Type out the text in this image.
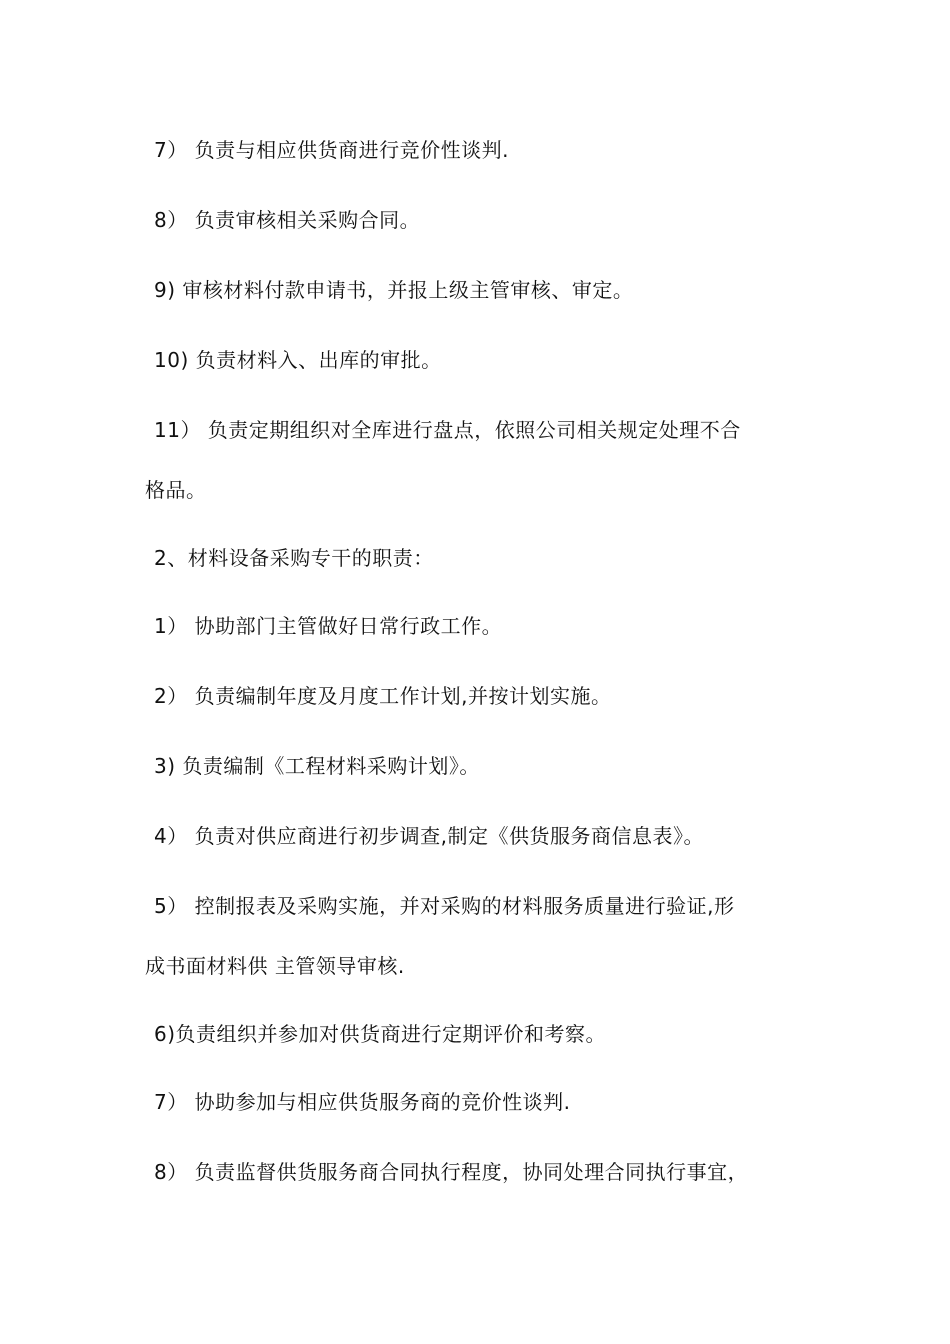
7） 负责与相应供货商进行竞价性谈判.
8） 负责审核相关采购合同。
9) 审核材料付款申请书，并报上级主管审核、审定。
10) 负责材料入、出库的审批。
11） 负责定期组织对全库进行盘点，依照公司相关规定处理不合
格品。
2、材料设备采购专干的职责：
1） 协助部门主管做好日常行政工作。
2） 负责编制年度及月度工作计划,并按计划实施。
3) 负责编制《工程材料采购计划》。
4） 负责对供应商进行初步调查,制定《供货服务商信息表》。
5） 控制报表及采购实施，并对采购的材料服务质量进行验证,形
成书面材料供 主管领导审核.
6)负责组织并参加对供货商进行定期评价和考察。
7） 协助参加与相应供货服务商的竞价性谈判.
8） 负责监督供货服务商合同执行程度，协同处理合同执行事宜，
